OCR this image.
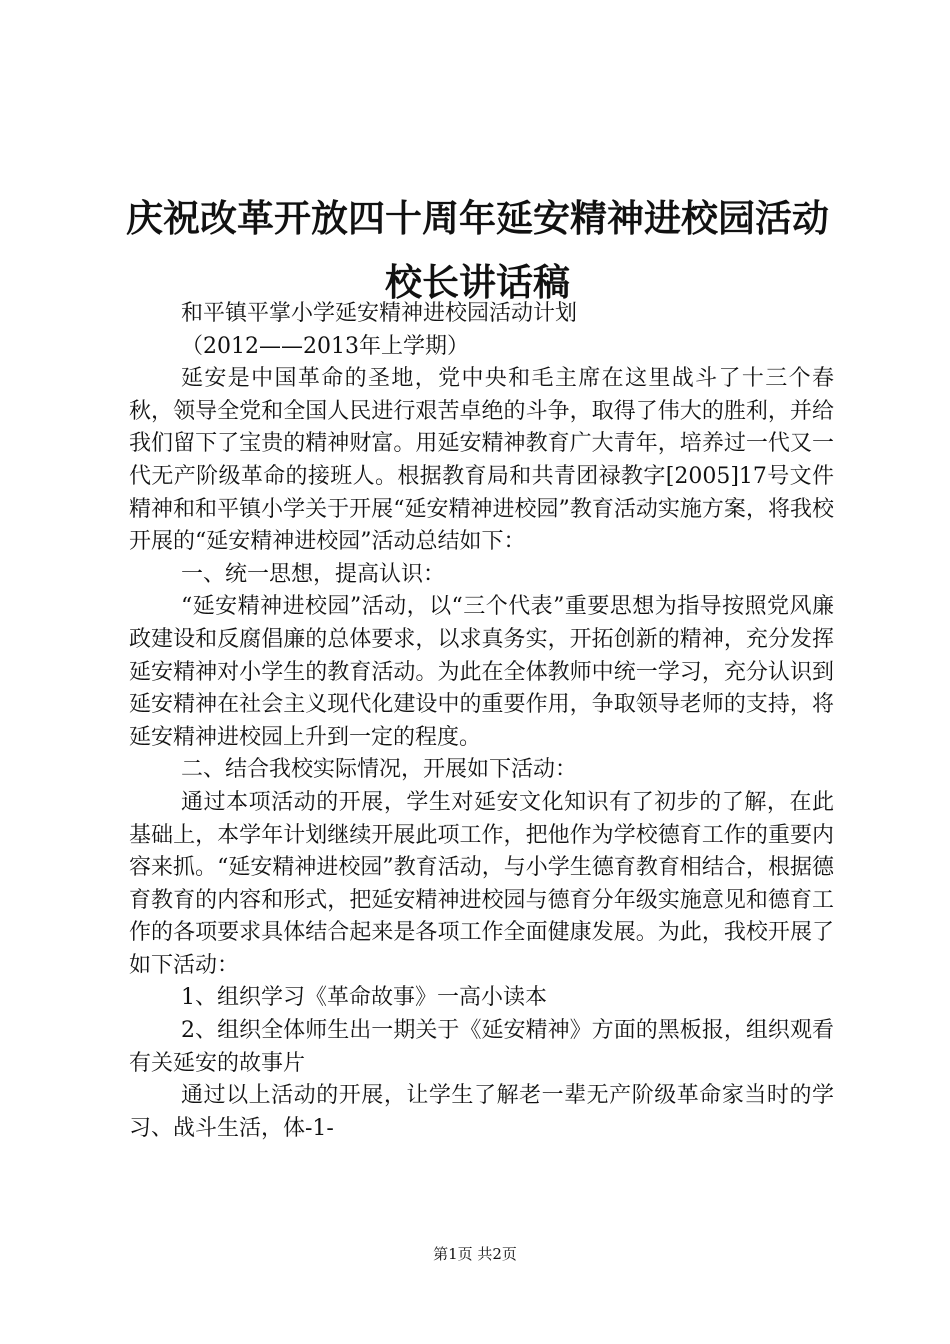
庆祝改革开放四十周年延安精神进校园活动校长讲话稿

和平镇平掌小学延安精神进校园活动计划

（2012——2013年上学期）

延安是中国革命的圣地，党中央和毛主席在这里战斗了十三个春秋，领导全党和全国人民进行艰苦卓绝的斗争，取得了伟大的胜利，并给我们留下了宝贵的精神财富。用延安精神教育广大青年，培养过一代又一代无产阶级革命的接班人。根据教育局和共青团禄教字[2005]17号文件精神和和平镇小学关于开展“延安精神进校园”教育活动实施方案，将我校开展的“延安精神进校园”活动总结如下：

一、统一思想，提高认识：

“延安精神进校园”活动，以“三个代表”重要思想为指导按照党风廉政建设和反腐倡廉的总体要求，以求真务实，开拓创新的精神，充分发挥延安精神对小学生的教育活动。为此在全体教师中统一学习，充分认识到延安精神在社会主义现代化建设中的重要作用，争取领导老师的支持，将延安精神进校园上升到一定的程度。

二、结合我校实际情况，开展如下活动：

通过本项活动的开展，学生对延安文化知识有了初步的了解，在此基础上，本学年计划继续开展此项工作，把他作为学校德育工作的重要内容来抓。“延安精神进校园”教育活动，与小学生德育教育相结合，根据德育教育的内容和形式，把延安精神进校园与德育分年级实施意见和德育工作的各项要求具体结合起来是各项工作全面健康发展。为此，我校开展了如下活动：

1、组织学习《革命故事》一高小读本

2、组织全体师生出一期关于《延安精神》方面的黑板报，组织观看有关延安的故事片

通过以上活动的开展，让学生了解老一辈无产阶级革命家当时的学习、战斗生活，体-1-

第1页 共2页
